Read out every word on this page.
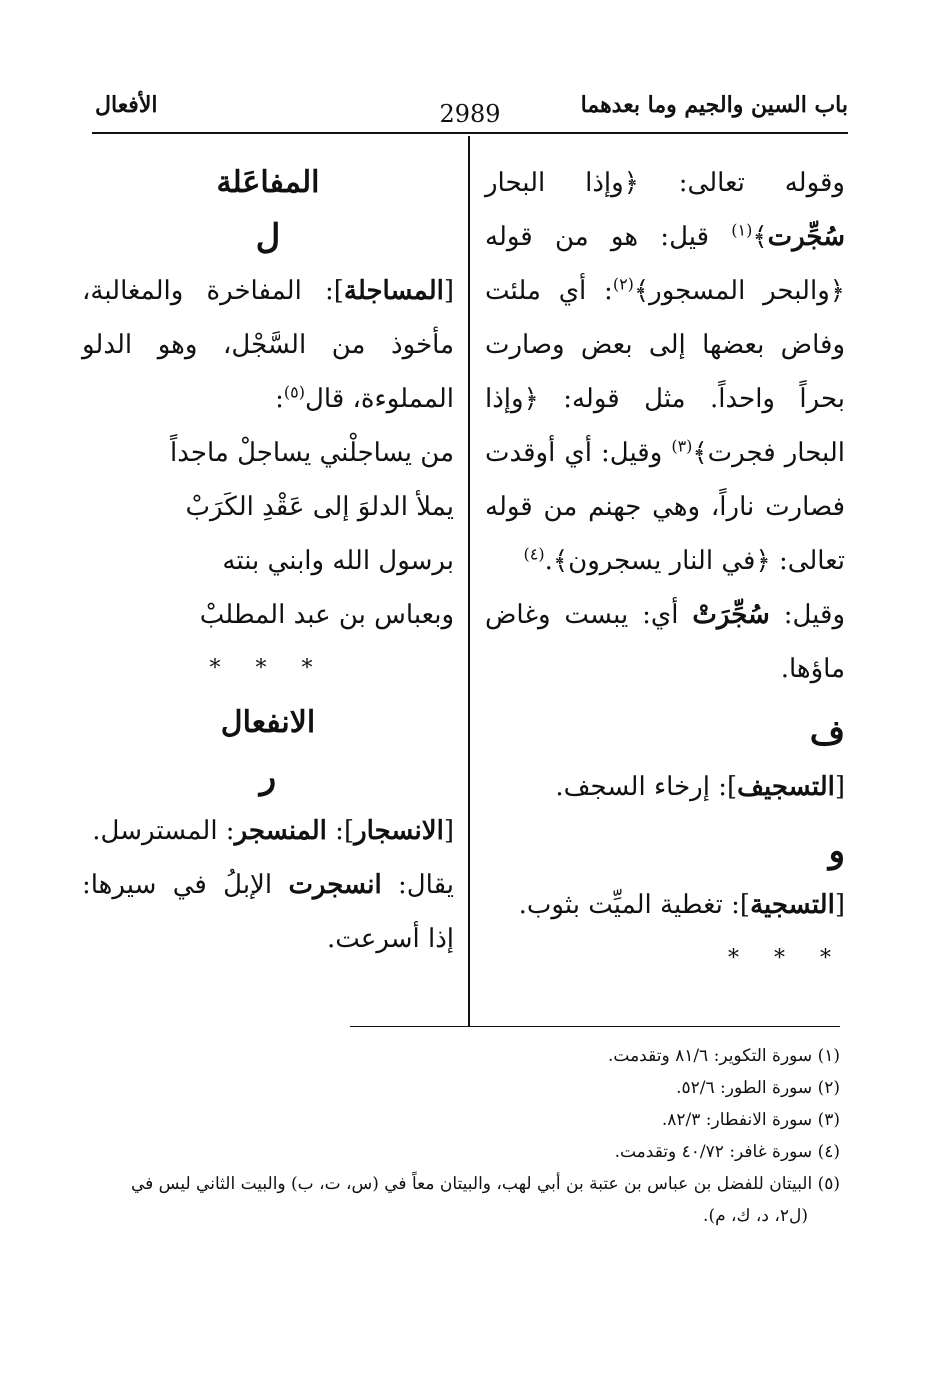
باب السين والجيم وما بعدهما
2989
الأفعال

وقوله تعالى: ﴿وإذا البحار سُجِّرت﴾$^{(١)}$ قيل: هو من قوله ﴿والبحر المسجور﴾$^{(٢)}$: أي ملئت وفاض بعضها إلى بعض وصارت بحراً واحداً. مثل قوله: ﴿وإذا البحار فجرت﴾$^{(٣)}$ وقيل: أي أوقدت فصارت ناراً، وهي جهنم من قوله تعالى: ﴿في النار يسجرون﴾.$^{(٤)}$

وقيل: سُجِّرَتْ أي: يبست وغاض ماؤها.

ف

[التسجيف]: إرخاء السجف.

و

[التسجية]: تغطية الميِّت بثوب.

* * *

المفاعَلة

ل

[المساجلة]: المفاخرة والمغالبة، مأخوذ من السَّجْل، وهو الدلو المملوءة، قال$^{(٥)}$:

من يساجلْني يساجلْ ماجداً

يملأ الدلوَ إلى عَقْدِ الكَرَبْ

برسول الله وابني بنته

وبعباس بن عبد المطلبْ

* * *

الانفعال

ر

[الانسجار]: المنسجر: المسترسل.

يقال: انسجرت الإبلُ في سيرها: إذا أسرعت.

(١) سورة التكوير: ٨١/٦ وتقدمت.

(٢) سورة الطور: ٥٢/٦.

(٣) سورة الانفطار: ٨٢/٣.

(٤) سورة غافر: ٤٠/٧٢ وتقدمت.

(٥) البيتان للفضل بن عباس بن عتبة بن أبي لهب، والبيتان معاً في (س، ت، ب) والبيت الثاني ليس في

(ل٢، د، ك، م).
